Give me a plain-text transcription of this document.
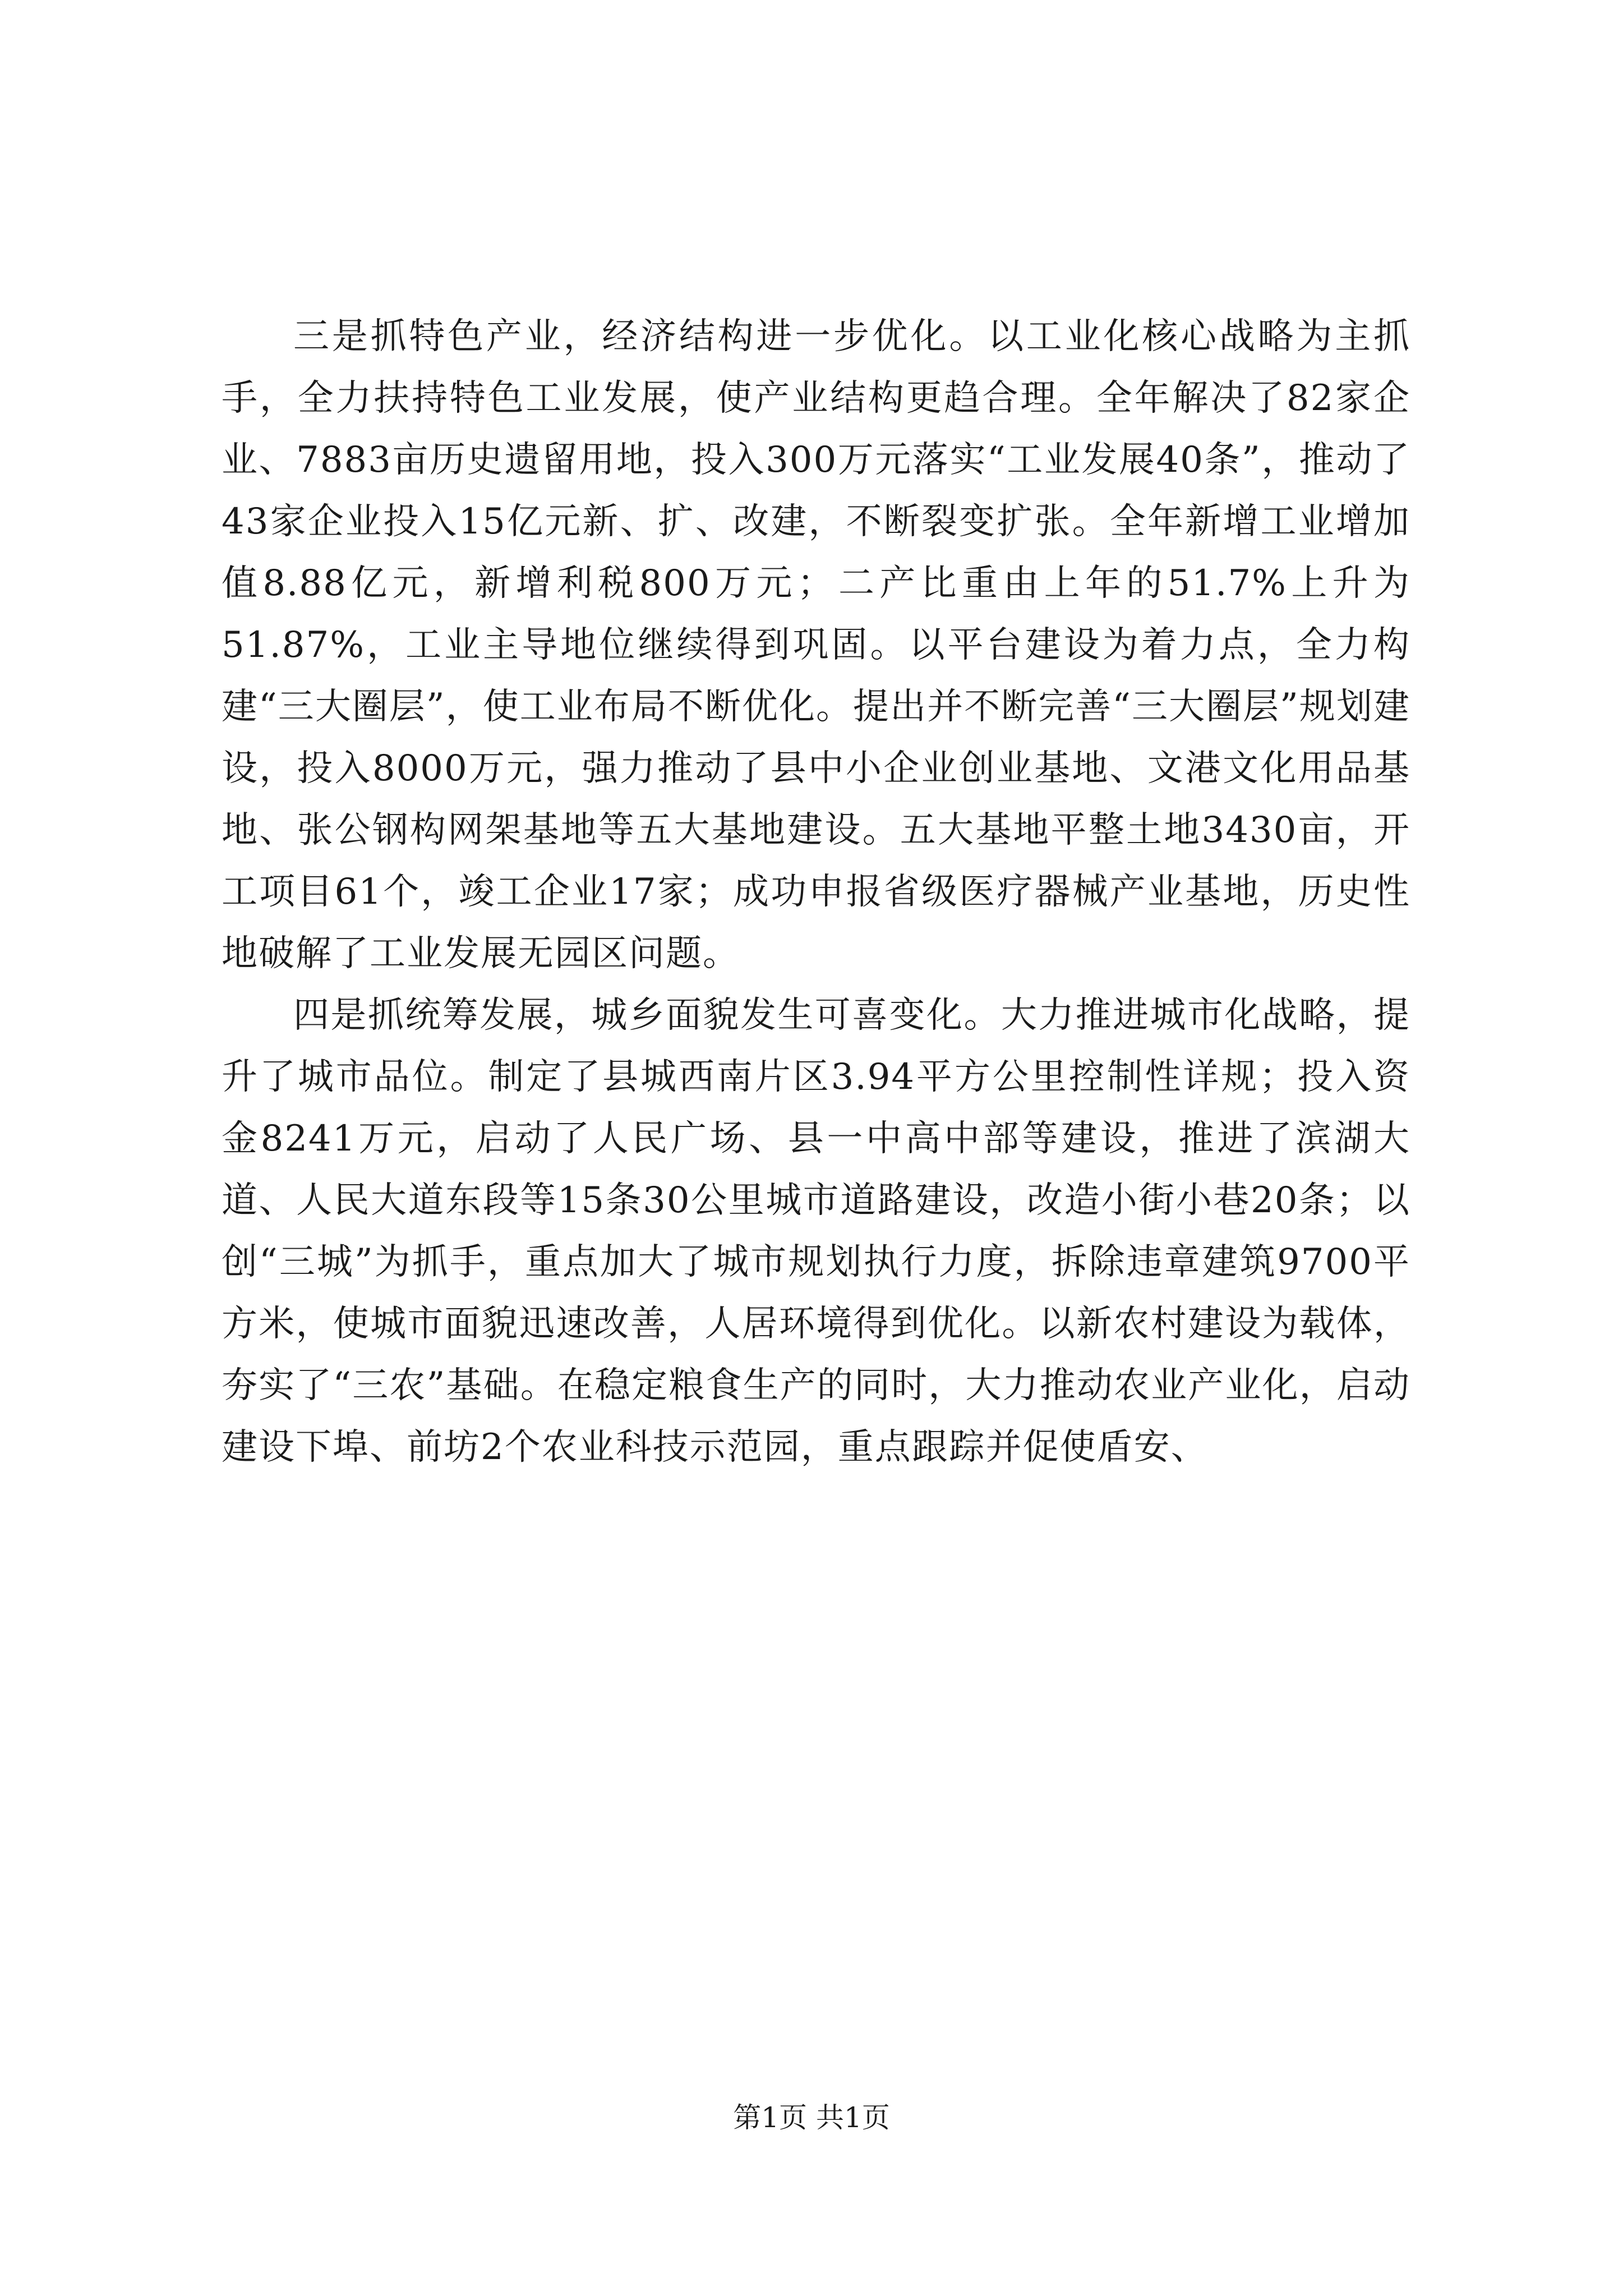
三是抓特色产业，经济结构进一步优化。以工业化核心战略为主抓手，全力扶持特色工业发展，使产业结构更趋合理。全年解决了82家企业、7883亩历史遗留用地，投入300万元落实“工业发展40条”，推动了43家企业投入15亿元新、扩、改建，不断裂变扩张。全年新增工业增加值8.88亿元，新增利税800万元；二产比重由上年的51.7%上升为51.87%，工业主导地位继续得到巩固。以平台建设为着力点，全力构建“三大圈层”，使工业布局不断优化。提出并不断完善“三大圈层”规划建设，投入8000万元，强力推动了县中小企业创业基地、文港文化用品基地、张公钢构网架基地等五大基地建设。五大基地平整土地3430亩，开工项目61个，竣工企业17家；成功申报省级医疗器械产业基地，历史性地破解了工业发展无园区问题。

四是抓统筹发展，城乡面貌发生可喜变化。大力推进城市化战略，提升了城市品位。制定了县城西南片区3.94平方公里控制性详规；投入资金8241万元，启动了人民广场、县一中高中部等建设，推进了滨湖大道、人民大道东段等15条30公里城市道路建设，改造小街小巷20条；以创“三城”为抓手，重点加大了城市规划执行力度，拆除违章建筑9700平方米，使城市面貌迅速改善，人居环境得到优化。以新农村建设为载体，夯实了“三农”基础。在稳定粮食生产的同时，大力推动农业产业化，启动建设下埠、前坊2个农业科技示范园，重点跟踪并促使盾安、

第1页 共1页
